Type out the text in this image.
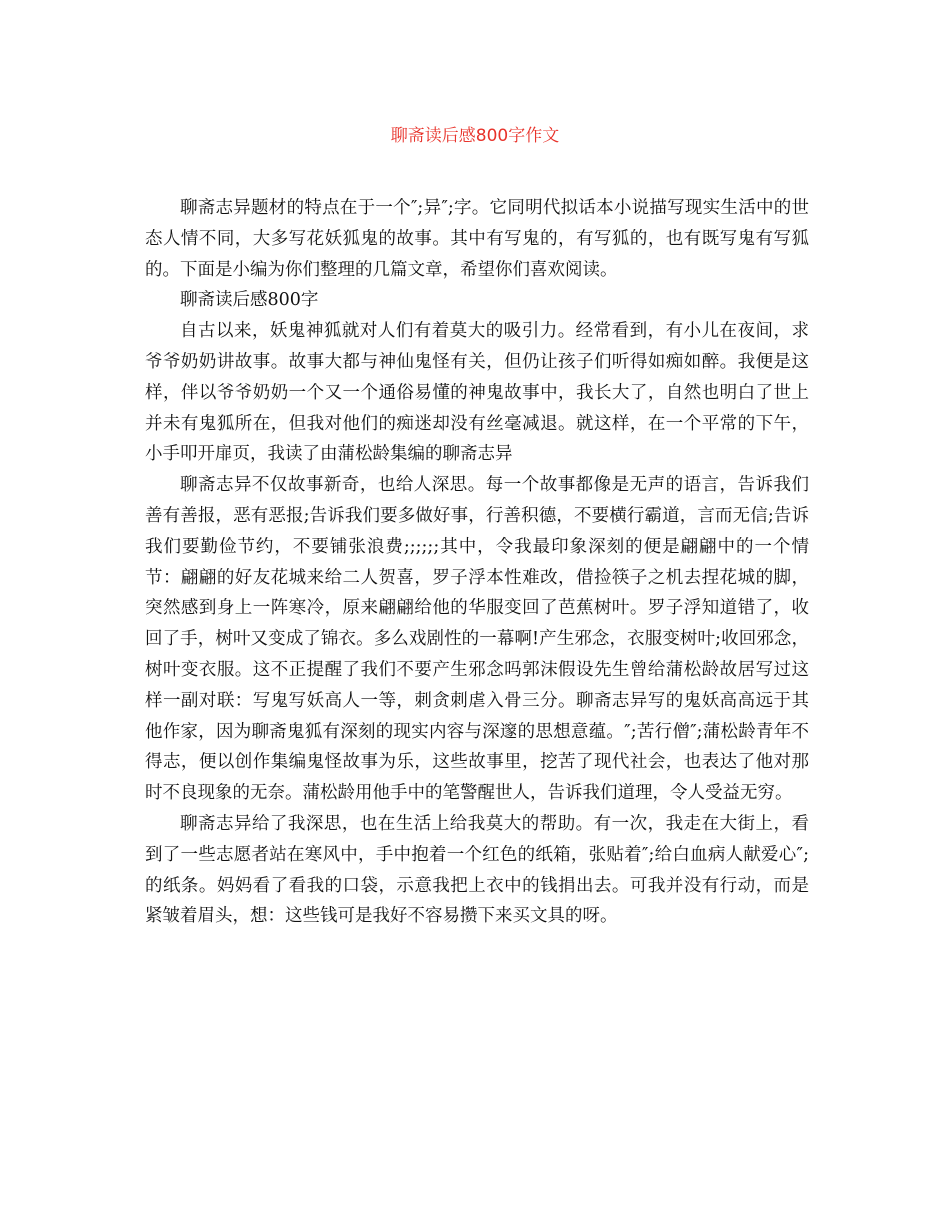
聊斋读后感800字作文

聊斋志异题材的特点在于一个″;异″;字。它同明代拟话本小说描写现实生活中的世态人情不同，大多写花妖狐鬼的故事。其中有写鬼的，有写狐的，也有既写鬼有写狐的。下面是小编为你们整理的几篇文章，希望你们喜欢阅读。

聊斋读后感800字

自古以来，妖鬼神狐就对人们有着莫大的吸引力。经常看到，有小儿在夜间，求爷爷奶奶讲故事。故事大都与神仙鬼怪有关，但仍让孩子们听得如痴如醉。我便是这样，伴以爷爷奶奶一个又一个通俗易懂的神鬼故事中，我长大了，自然也明白了世上并未有鬼狐所在，但我对他们的痴迷却没有丝毫减退。就这样，在一个平常的下午，小手叩开扉页，我读了由蒲松龄集编的聊斋志异

聊斋志异不仅故事新奇，也给人深思。每一个故事都像是无声的语言，告诉我们善有善报，恶有恶报;告诉我们要多做好事，行善积德，不要横行霸道，言而无信;告诉我们要勤俭节约，不要铺张浪费;;;;;;其中，令我最印象深刻的便是翩翩中的一个情节：翩翩的好友花城来给二人贺喜，罗子浮本性难改，借捡筷子之机去捏花城的脚，突然感到身上一阵寒冷，原来翩翩给他的华服变回了芭蕉树叶。罗子浮知道错了，收回了手，树叶又变成了锦衣。多么戏剧性的一幕啊!产生邪念，衣服变树叶;收回邪念，树叶变衣服。这不正提醒了我们不要产生邪念吗郭沫假设先生曾给蒲松龄故居写过这样一副对联：写鬼写妖高人一等，刺贪刺虐入骨三分。聊斋志异写的鬼妖高高远于其他作家，因为聊斋鬼狐有深刻的现实内容与深邃的思想意蕴。″;苦行僧″;蒲松龄青年不得志，便以创作集编鬼怪故事为乐，这些故事里，挖苦了现代社会，也表达了他对那时不良现象的无奈。蒲松龄用他手中的笔警醒世人，告诉我们道理，令人受益无穷。

聊斋志异给了我深思，也在生活上给我莫大的帮助。有一次，我走在大街上，看到了一些志愿者站在寒风中，手中抱着一个红色的纸箱，张贴着″;给白血病人献爱心″;的纸条。妈妈看了看我的口袋，示意我把上衣中的钱捐出去。可我并没有行动，而是紧皱着眉头，想：这些钱可是我好不容易攒下来买文具的呀。
